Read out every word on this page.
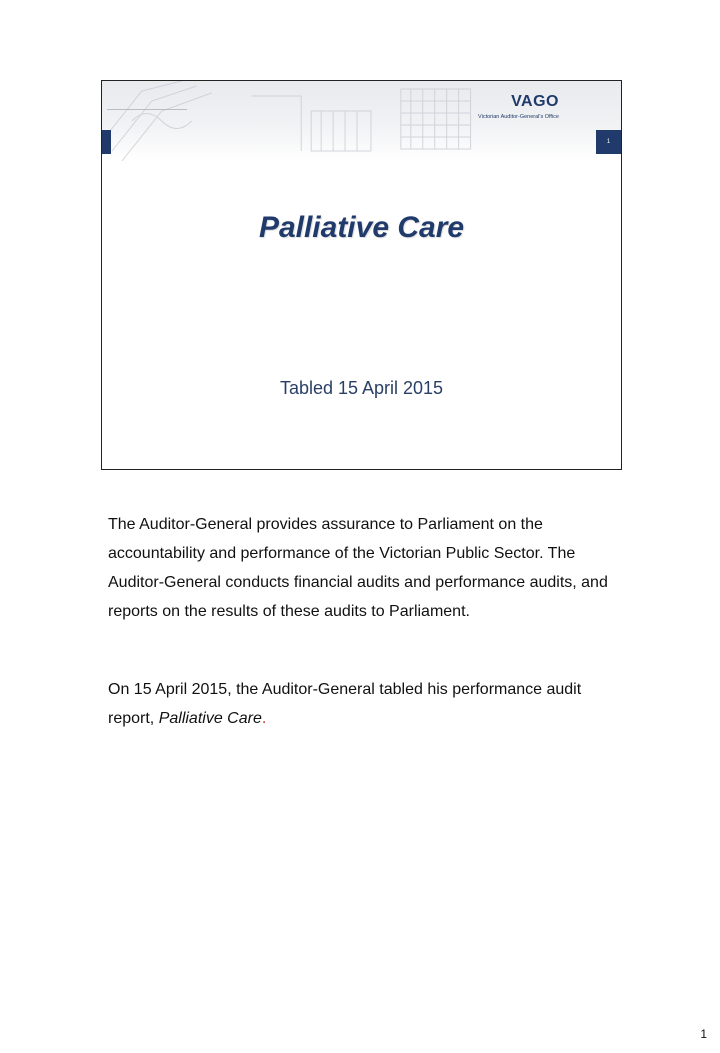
VAGO
Victorian Auditor-General's Office
1
Palliative Care
Tabled 15 April 2015

The Auditor-General provides assurance to Parliament on the accountability and performance of the Victorian Public Sector. The Auditor-General conducts financial audits and performance audits, and reports on the results of these audits to Parliament.

On 15 April 2015, the Auditor-General tabled his performance audit report, Palliative Care.

1
